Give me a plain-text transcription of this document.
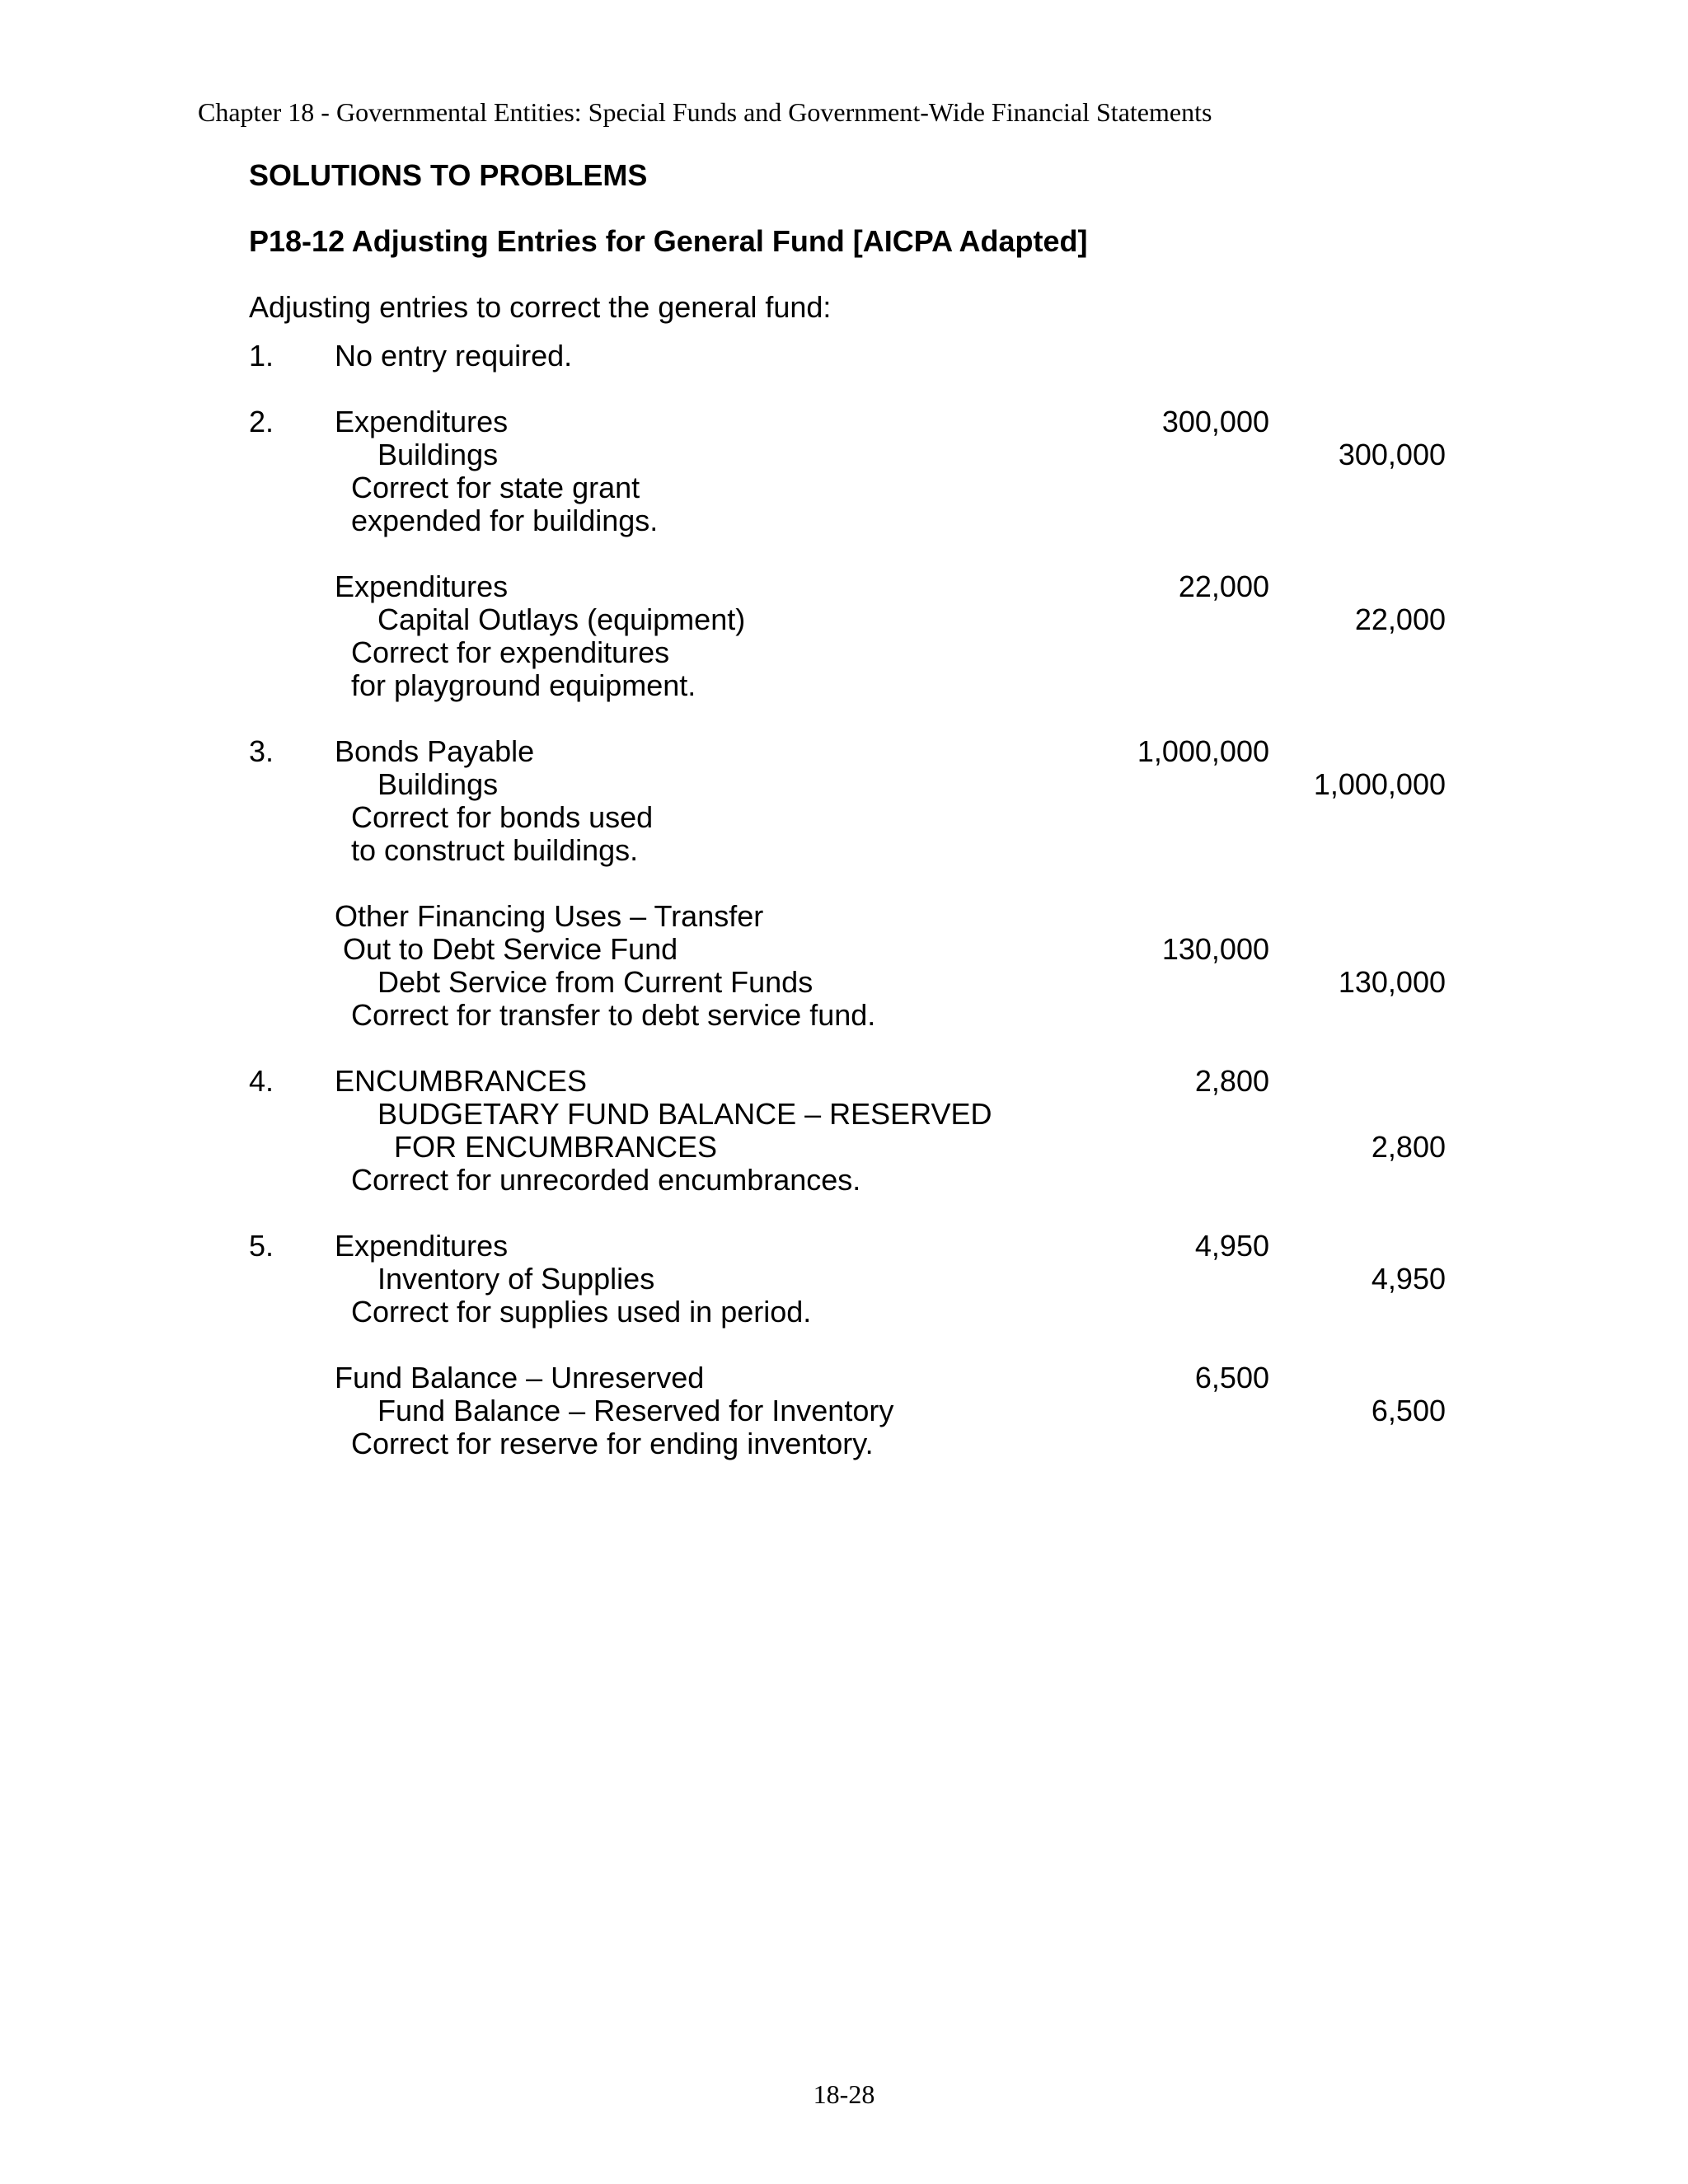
Chapter 18 - Governmental Entities: Special Funds and Government-Wide Financial Statements
SOLUTIONS TO PROBLEMS
P18-12 Adjusting Entries for General Fund [AICPA Adapted]
Adjusting entries to correct the general fund:
1. No entry required.
2. Expenditures	300,000
Buildings	300,000
Correct for state grant
expended for buildings.
Expenditures	22,000
Capital Outlays (equipment)	22,000
Correct for expenditures
for playground equipment.
3. Bonds Payable	1,000,000
Buildings	1,000,000
Correct for bonds used
to construct buildings.
Other Financing Uses – Transfer
Out to Debt Service Fund	130,000
Debt Service from Current Funds	130,000
Correct for transfer to debt service fund.
4. ENCUMBRANCES	2,800
BUDGETARY FUND BALANCE – RESERVED
FOR ENCUMBRANCES	2,800
Correct for unrecorded encumbrances.
5. Expenditures	4,950
Inventory of Supplies	4,950
Correct for supplies used in period.
Fund Balance – Unreserved	6,500
Fund Balance – Reserved for Inventory	6,500
Correct for reserve for ending inventory.
18-28
